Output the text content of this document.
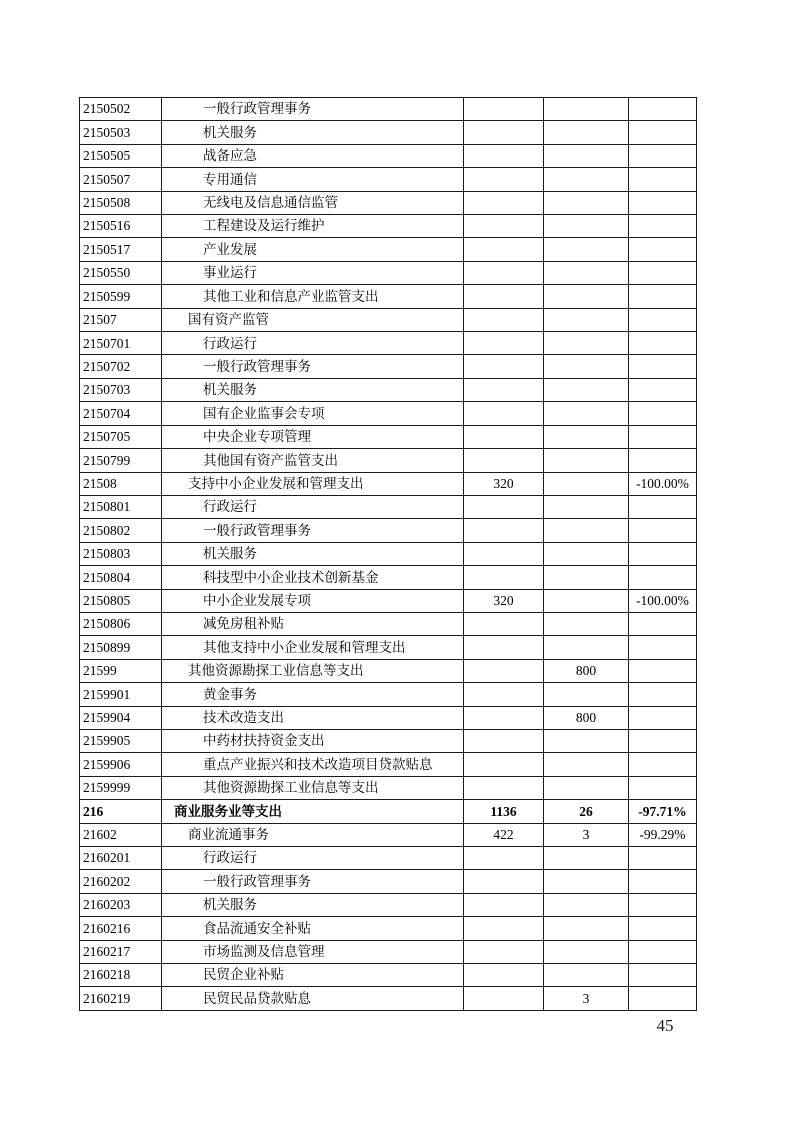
2150502	一般行政管理事务			
2150503	机关服务			
2150505	战备应急			
2150507	专用通信			
2150508	无线电及信息通信监管			
2150516	工程建设及运行维护			
2150517	产业发展			
2150550	事业运行			
2150599	其他工业和信息产业监管支出			
21507	国有资产监管			
2150701	行政运行			
2150702	一般行政管理事务			
2150703	机关服务			
2150704	国有企业监事会专项			
2150705	中央企业专项管理			
2150799	其他国有资产监管支出			
21508	支持中小企业发展和管理支出	320		-100.00%
2150801	行政运行			
2150802	一般行政管理事务			
2150803	机关服务			
2150804	科技型中小企业技术创新基金			
2150805	中小企业发展专项	320		-100.00%
2150806	减免房租补贴			
2150899	其他支持中小企业发展和管理支出			
21599	其他资源勘探工业信息等支出		800	
2159901	黄金事务			
2159904	技术改造支出		800	
2159905	中药材扶持资金支出			
2159906	重点产业振兴和技术改造项目贷款贴息			
2159999	其他资源勘探工业信息等支出			
216	商业服务业等支出	1136	26	-97.71%
21602	商业流通事务	422	3	-99.29%
2160201	行政运行			
2160202	一般行政管理事务			
2160203	机关服务			
2160216	食品流通安全补贴			
2160217	市场监测及信息管理			
2160218	民贸企业补贴			
2160219	民贸民品贷款贴息		3	
45
